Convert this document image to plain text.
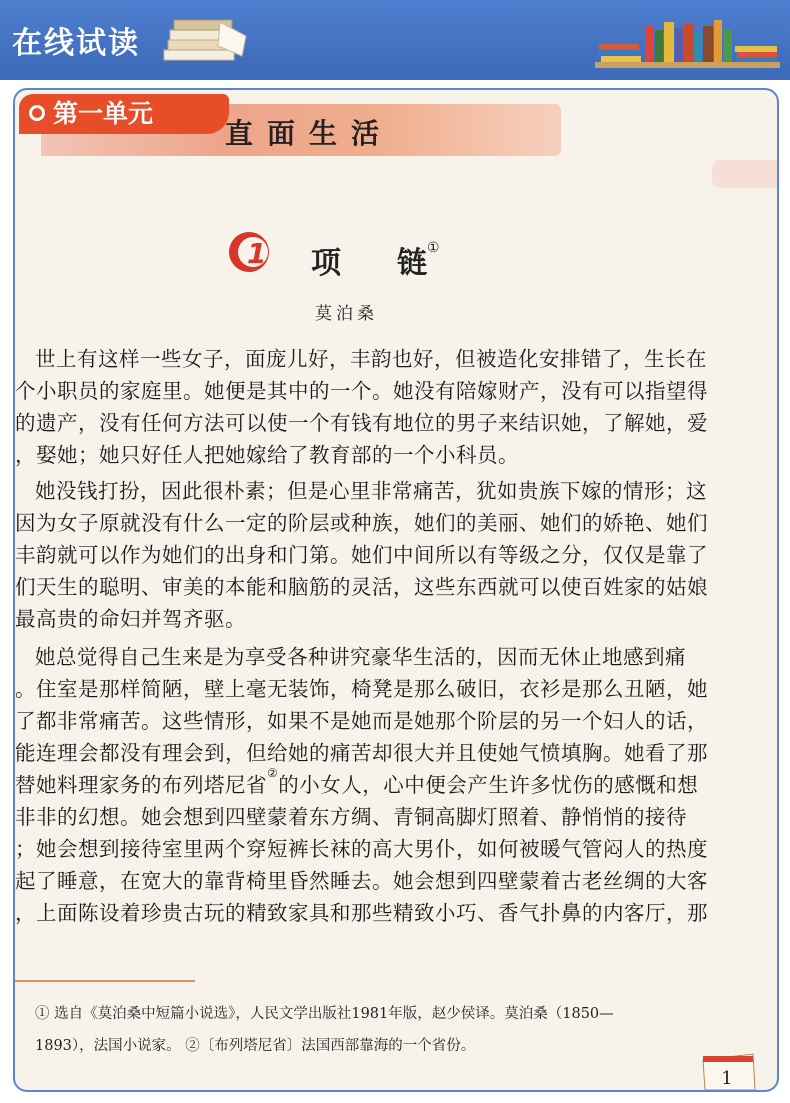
在线试读
直面生活
第一单元
1 项 链①
莫泊桑
世上有这样一些女子，面庞儿好，丰韵也好，但被造化安排错了，生长在
个小职员的家庭里。她便是其中的一个。她没有陪嫁财产，没有可以指望得
的遗产，没有任何方法可以使一个有钱有地位的男子来结识她，了解她，爱
，娶她；她只好任人把她嫁给了教育部的一个小科员。
她没钱打扮，因此很朴素；但是心里非常痛苦，犹如贵族下嫁的情形；这
因为女子原就没有什么一定的阶层或种族，她们的美丽、她们的娇艳、她们
丰韵就可以作为她们的出身和门第。她们中间所以有等级之分，仅仅是靠了
们天生的聪明、审美的本能和脑筋的灵活，这些东西就可以使百姓家的姑娘
最高贵的命妇并驾齐驱。
她总觉得自己生来是为享受各种讲究豪华生活的，因而无休止地感到痛
。住室是那样简陋，壁上毫无装饰，椅凳是那么破旧，衣衫是那么丑陋，她
了都非常痛苦。这些情形，如果不是她而是她那个阶层的另一个妇人的话，
能连理会都没有理会到，但给她的痛苦却很大并且使她气愤填胸。她看了那
替她料理家务的布列塔尼省②的小女人，心中便会产生许多忧伤的感慨和想
非非的幻想。她会想到四壁蒙着东方绸、青铜高脚灯照着、静悄悄的接待
；她会想到接待室里两个穿短裤长袜的高大男仆，如何被暖气管闷人的热度
起了睡意，在宽大的靠背椅里昏然睡去。她会想到四壁蒙着古老丝绸的大客
，上面陈设着珍贵古玩的精致家具和那些精致小巧、香气扑鼻的内客厅，那
① 选自《莫泊桑中短篇小说选》，人民文学出版社1981年版，赵少侯译。莫泊桑（1850—
1893），法国小说家。 ②〔布列塔尼省〕法国西部靠海的一个省份。
1
